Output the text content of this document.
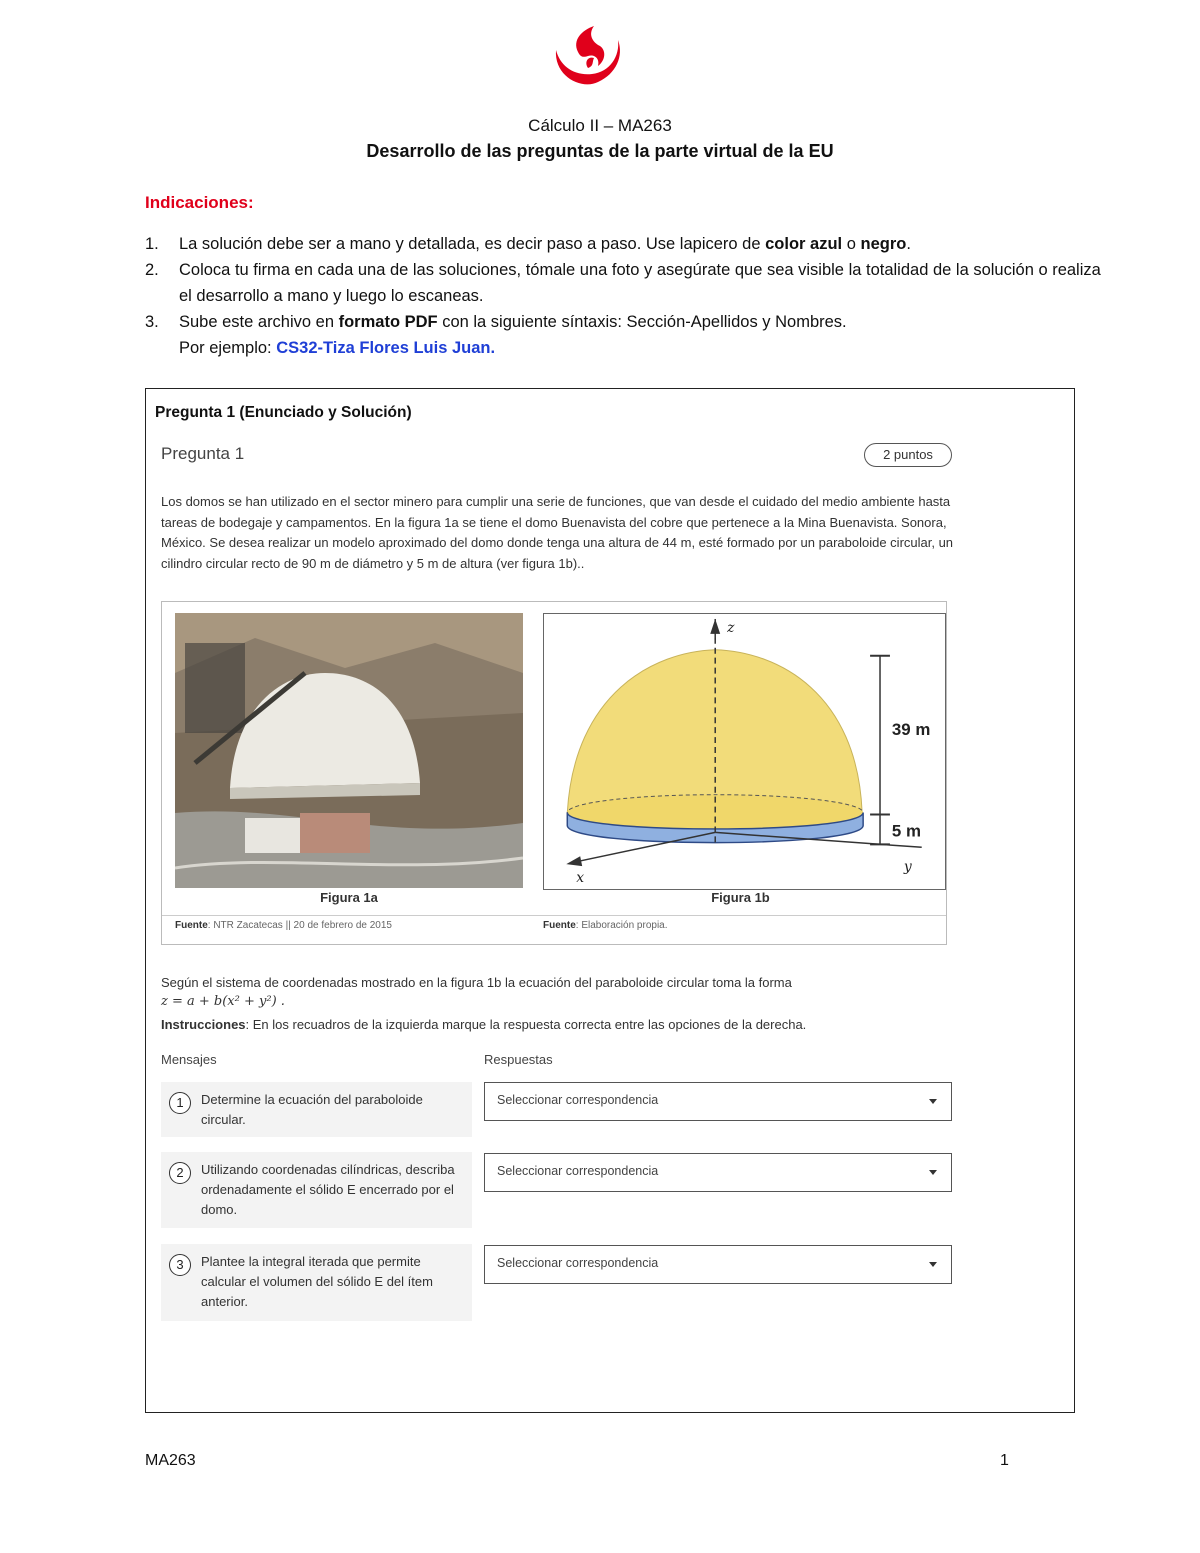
Cálculo II – MA263
Desarrollo de las preguntas de la parte virtual de la EU
Indicaciones:
1. La solución debe ser a mano y detallada, es decir paso a paso. Use lapicero de color azul o negro.
2. Coloca tu firma en cada una de las soluciones, tómale una foto y asegúrate que sea visible la totalidad de la solución o realiza el desarrollo a mano y luego lo escaneas.
3. Sube este archivo en formato PDF con la siguiente síntaxis: Sección-Apellidos y Nombres.
Por ejemplo: CS32-Tiza Flores Luis Juan.
Pregunta 1 (Enunciado y Solución)
Pregunta 1	2 puntos
Los domos se han utilizado en el sector minero para cumplir una serie de funciones, que van desde el cuidado del medio ambiente hasta tareas de bodegaje y campamentos. En la figura 1a se tiene el domo Buenavista del cobre que pertenece a la Mina Buenavista. Sonora, México. Se desea realizar un modelo aproximado del domo donde tenga una altura de 44 m, esté formado por un paraboloide circular, un cilindro circular recto de 90 m de diámetro y 5 m de altura (ver figura 1b)..
z
x
y
39 m
5 m
Figura 1a	Figura 1b
Fuente: NTR Zacatecas || 20 de febrero de 2015	Fuente: Elaboración propia.
Según el sistema de coordenadas mostrado en la figura 1b la ecuación del paraboloide circular toma la forma
z = a + b(x² + y²) .
Instrucciones: En los recuadros de la izquierda marque la respuesta correcta entre las opciones de la derecha.
Mensajes	Respuestas
1	Determine la ecuación del paraboloide circular.
Seleccionar correspondencia
2	Utilizando coordenadas cilíndricas, describa ordenadamente el sólido E encerrado por el domo.
Seleccionar correspondencia
3	Plantee la integral iterada que permite calcular el volumen del sólido E del ítem anterior.
Seleccionar correspondencia
MA263	1
